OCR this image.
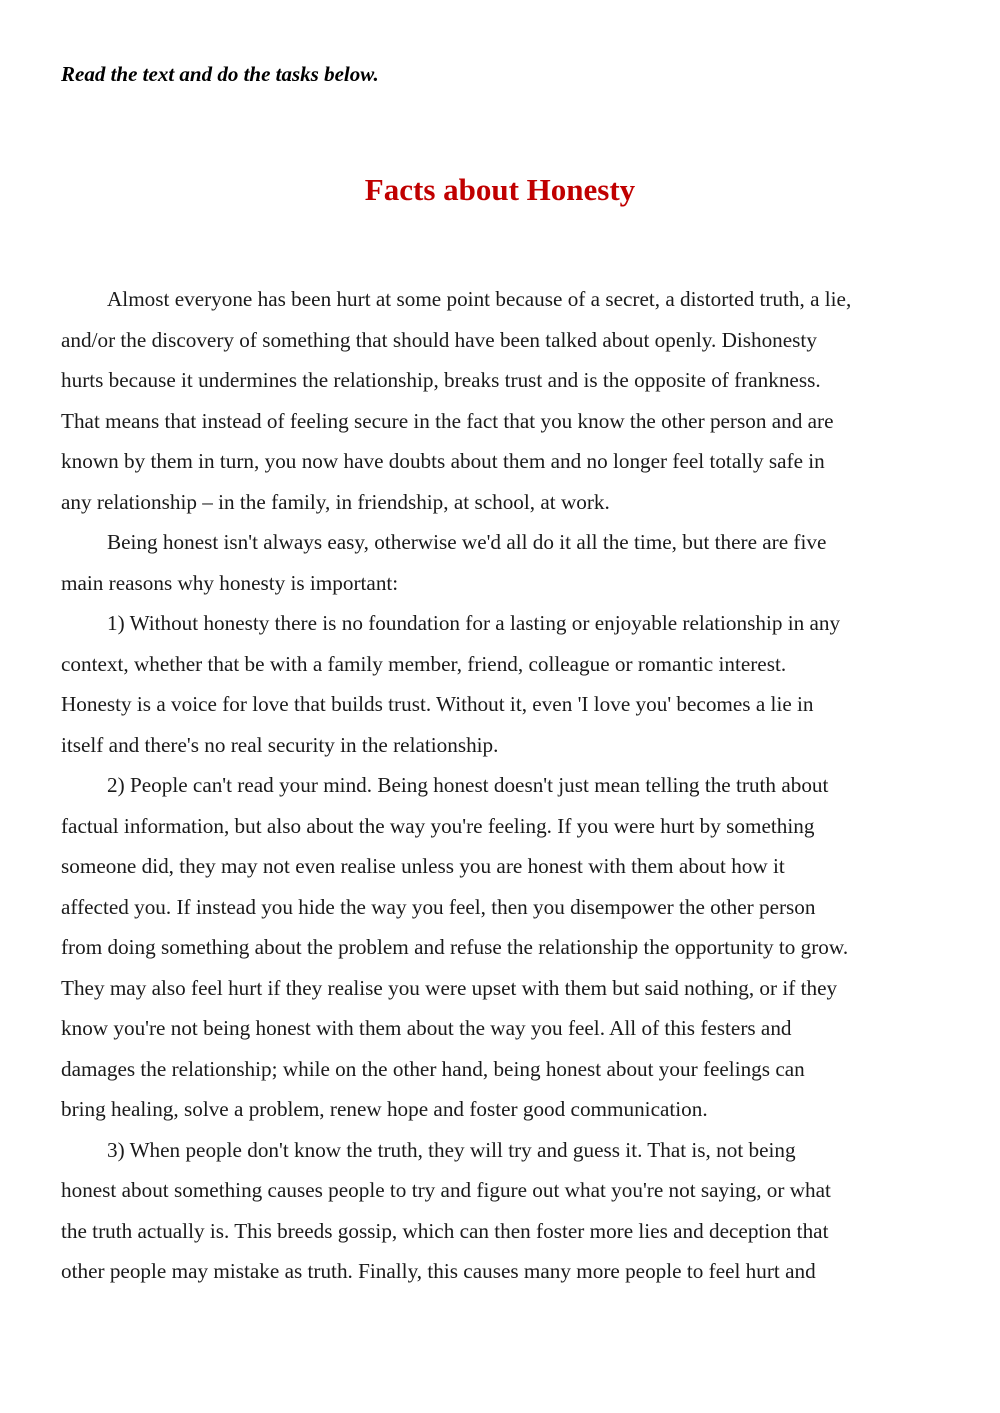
Read the text and do the tasks below.

Facts about Honesty

Almost everyone has been hurt at some point because of a secret, a distorted truth, a lie,
and/or the discovery of something that should have been talked about openly. Dishonesty
hurts because it undermines the relationship, breaks trust and is the opposite of frankness.
That means that instead of feeling secure in the fact that you know the other person and are
known by them in turn, you now have doubts about them and no longer feel totally safe in
any relationship – in the family, in friendship, at school, at work.

Being honest isn't always easy, otherwise we'd all do it all the time, but there are five
main reasons why honesty is important:

1) Without honesty there is no foundation for a lasting or enjoyable relationship in any
context, whether that be with a family member, friend, colleague or romantic interest.
Honesty is a voice for love that builds trust. Without it, even 'I love you' becomes a lie in
itself and there's no real security in the relationship.

2) People can't read your mind. Being honest doesn't just mean telling the truth about
factual information, but also about the way you're feeling. If you were hurt by something
someone did, they may not even realise unless you are honest with them about how it
affected you. If instead you hide the way you feel, then you disempower the other person
from doing something about the problem and refuse the relationship the opportunity to grow.
They may also feel hurt if they realise you were upset with them but said nothing, or if they
know you're not being honest with them about the way you feel. All of this festers and
damages the relationship; while on the other hand, being honest about your feelings can
bring healing, solve a problem, renew hope and foster good communication.

3) When people don't know the truth, they will try and guess it. That is, not being
honest about something causes people to try and figure out what you're not saying, or what
the truth actually is. This breeds gossip, which can then foster more lies and deception that
other people may mistake as truth. Finally, this causes many more people to feel hurt and
